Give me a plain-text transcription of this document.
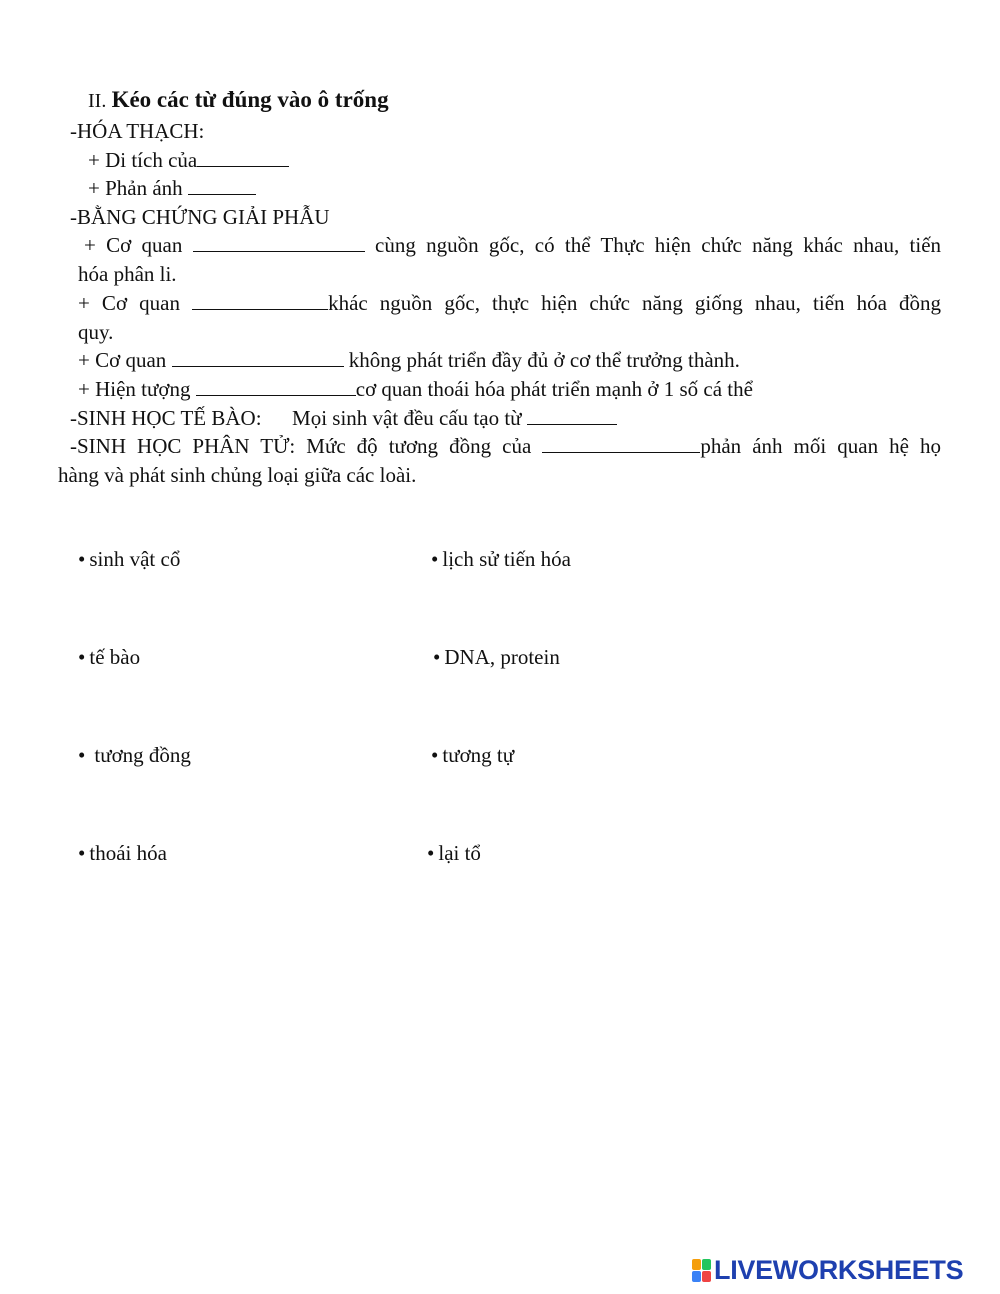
II. Kéo các từ đúng vào ô trống
-HÓA THẠCH:
+ Di tích của
+ Phản ánh
-BẰNG CHỨNG GIẢI PHẪU
+ Cơ quan	cùng nguồn gốc, có thể Thực hiện chức năng khác nhau, tiến
hóa phân li.
+ Cơ quan	khác nguồn gốc, thực hiện chức năng giống nhau, tiến hóa đồng
quy.
+ Cơ quan	không phát triển đầy đủ ở cơ thể trưởng thành.
+ Hiện tượng	cơ quan thoái hóa phát triển mạnh ở 1 số cá thể
-SINH HỌC TẾ BÀO: Mọi sinh vật đều cấu tạo từ
-SINH HỌC PHÂN TỬ: Mức độ tương đồng của	phản ánh mối quan hệ họ
hàng và phát sinh chủng loại giữa các loài.
• sinh vật cổ	• lịch sử tiến hóa
• tế bào	• DNA, protein
• tương đồng	• tương tự
• thoái hóa	• lại tổ
LIVEWORKSHEETS
